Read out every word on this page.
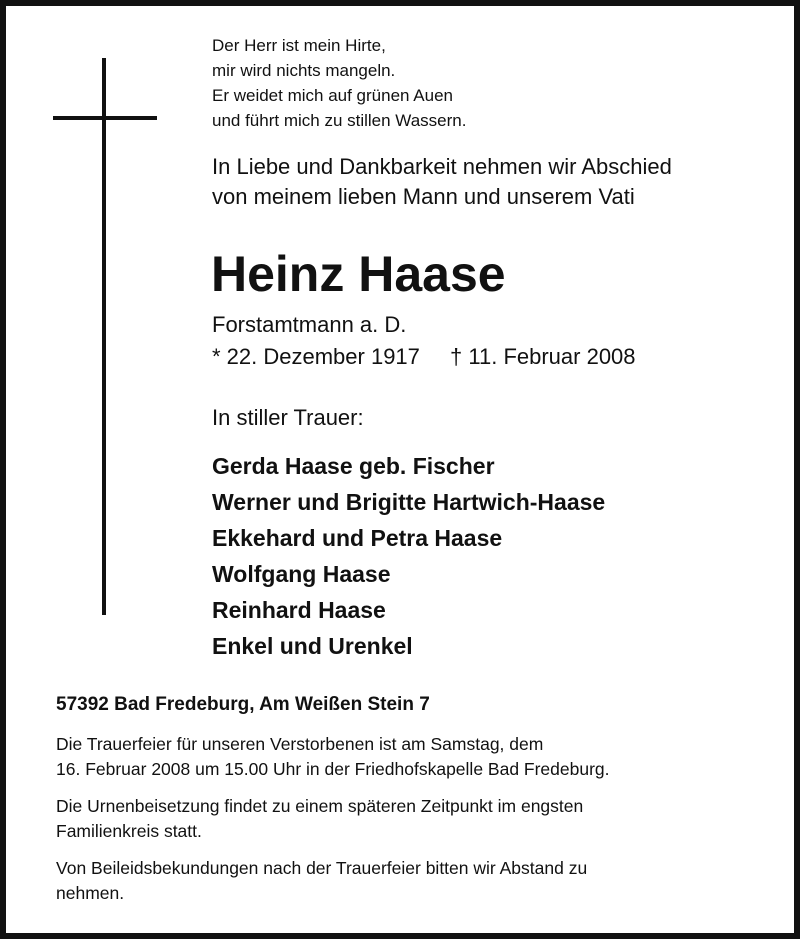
Der Herr ist mein Hirte,
mir wird nichts mangeln.
Er weidet mich auf grünen Auen
und führt mich zu stillen Wassern.
In Liebe und Dankbarkeit nehmen wir Abschied
von meinem lieben Mann und unserem Vati
Heinz Haase
Forstamtmann a. D.
* 22. Dezember 1917 † 11. Februar 2008
In stiller Trauer:
Gerda Haase geb. Fischer
Werner und Brigitte Hartwich-Haase
Ekkehard und Petra Haase
Wolfgang Haase
Reinhard Haase
Enkel und Urenkel
57392 Bad Fredeburg, Am Weißen Stein 7
Die Trauerfeier für unseren Verstorbenen ist am Samstag, dem
16. Februar 2008 um 15.00 Uhr in der Friedhofskapelle Bad Fredeburg.
Die Urnenbeisetzung findet zu einem späteren Zeitpunkt im engsten
Familienkreis statt.
Von Beileidsbekundungen nach der Trauerfeier bitten wir Abstand zu
nehmen.
